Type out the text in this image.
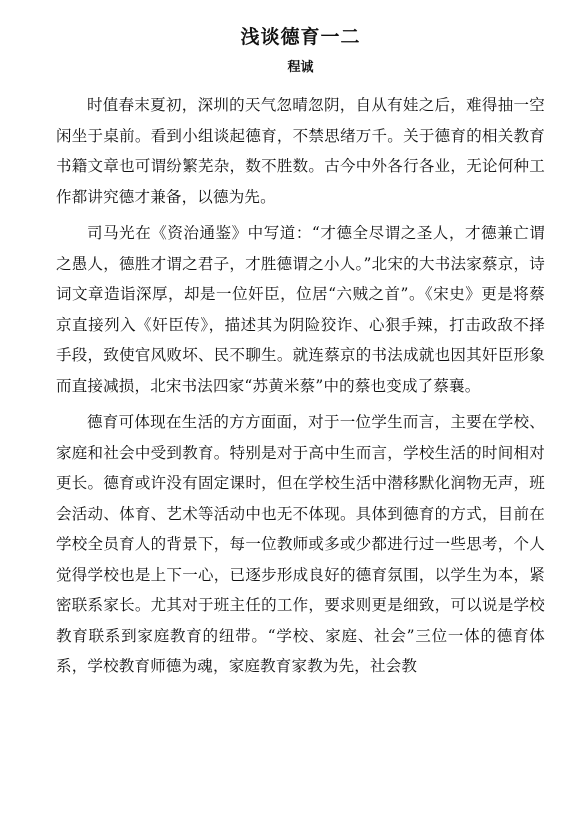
浅谈德育一二
程诚

时值春末夏初，深圳的天气忽晴忽阴，自从有娃之后，难得抽一空闲坐于桌前。看到小组谈起德育，不禁思绪万千。关于德育的相关教育书籍文章也可谓纷繁芜杂，数不胜数。古今中外各行各业，无论何种工作都讲究德才兼备，以德为先。

司马光在《资治通鉴》中写道：“才德全尽谓之圣人，才德兼亡谓之愚人，德胜才谓之君子，才胜德谓之小人。”北宋的大书法家蔡京，诗词文章造诣深厚，却是一位奸臣，位居“六贼之首”。《宋史》更是将蔡京直接列入《奸臣传》，描述其为阴险狡诈、心狠手辣，打击政敌不择手段，致使官风败坏、民不聊生。就连蔡京的书法成就也因其奸臣形象而直接减损，北宋书法四家“苏黄米蔡”中的蔡也变成了蔡襄。

德育可体现在生活的方方面面，对于一位学生而言，主要在学校、家庭和社会中受到教育。特别是对于高中生而言，学校生活的时间相对更长。德育或许没有固定课时，但在学校生活中潜移默化润物无声，班会活动、体育、艺术等活动中也无不体现。具体到德育的方式，目前在学校全员育人的背景下，每一位教师或多或少都进行过一些思考，个人觉得学校也是上下一心，已逐步形成良好的德育氛围，以学生为本，紧密联系家长。尤其对于班主任的工作，要求则更是细致，可以说是学校教育联系到家庭教育的纽带。“学校、家庭、社会”三位一体的德育体系，学校教育师德为魂，家庭教育家教为先，社会教
